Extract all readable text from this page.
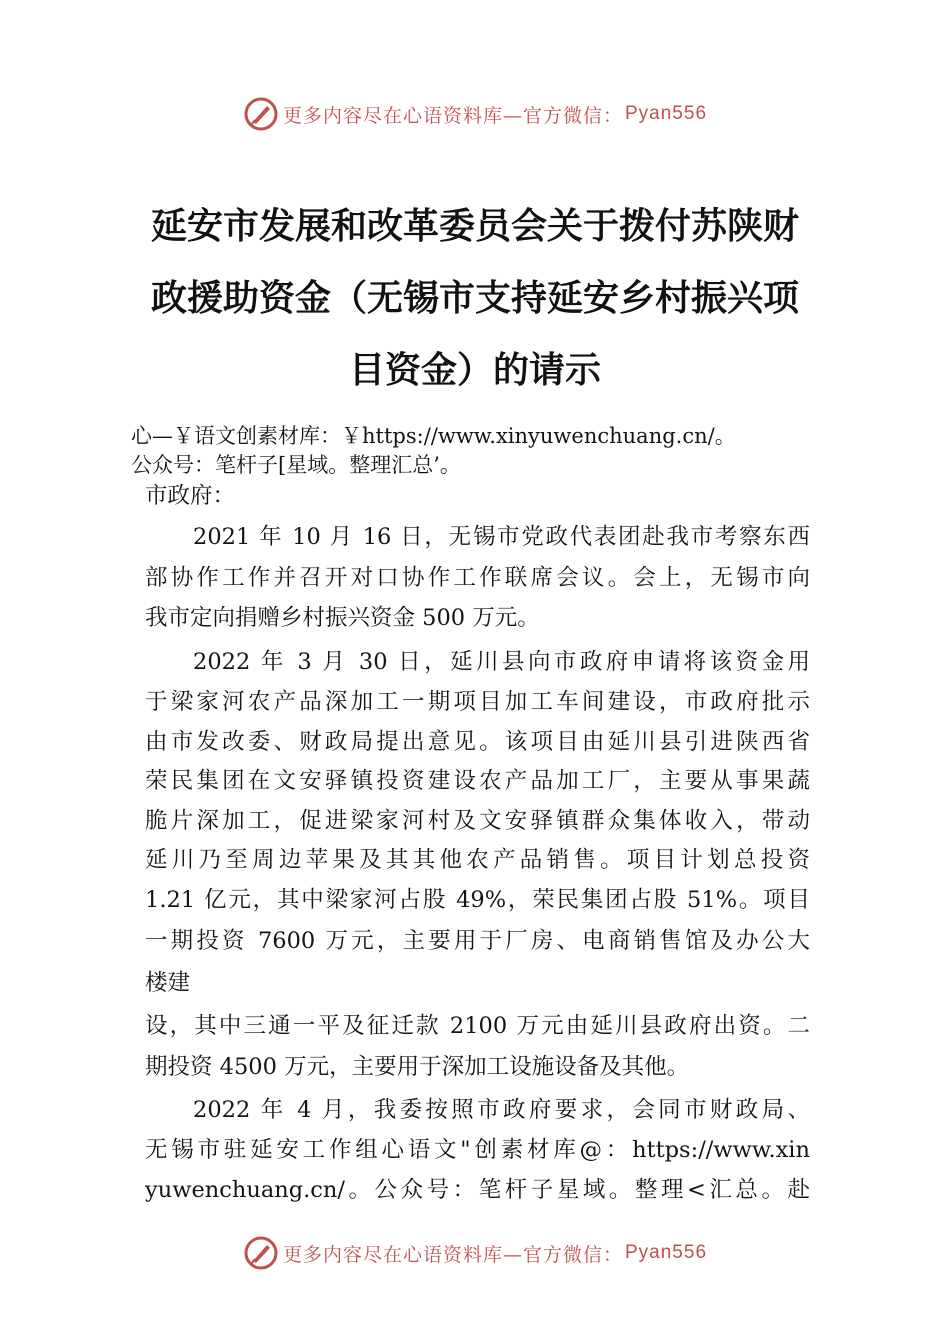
更多内容尽在心语资料库—官方微信： Pyan556
延安市发展和改革委员会关于拨付苏陕财
政援助资金（无锡市支持延安乡村振兴项
目资金）的请示
心—￥语文创素材库：￥https://www.xinyuwenchuang.cn/。
公众号：笔杆子[星域。整理汇总’。
市政府：
2021 年 10 月 16 日，无锡市党政代表团赴我市考察东西
部协作工作并召开对口协作工作联席会议。会上，无锡市向
我市定向捐赠乡村振兴资金 500 万元。
2022 年 3 月 30 日，延川县向市政府申请将该资金用
于梁家河农产品深加工一期项目加工车间建设，市政府批示
由市发改委、财政局提出意见。该项目由延川县引进陕西省
荣民集团在文安驿镇投资建设农产品加工厂，主要从事果蔬
脆片深加工，促进梁家河村及文安驿镇群众集体收入，带动
延川乃至周边苹果及其其他农产品销售。项目计划总投资
1.21 亿元，其中梁家河占股 49%，荣民集团占股 51%。项目
一期投资 7600 万元，主要用于厂房、电商销售馆及办公大
楼建
设，其中三通一平及征迁款 2100 万元由延川县政府出资。二
期投资 4500 万元，主要用于深加工设施设备及其他。
2022 年 4 月，我委按照市政府要求，会同市财政局、
无锡市驻延安工作组心语文"创素材库@：https://www.xin
yuwenchuang.cn/。公众号：笔杆子星域。整理<汇总。赴
更多内容尽在心语资料库—官方微信： Pyan556
